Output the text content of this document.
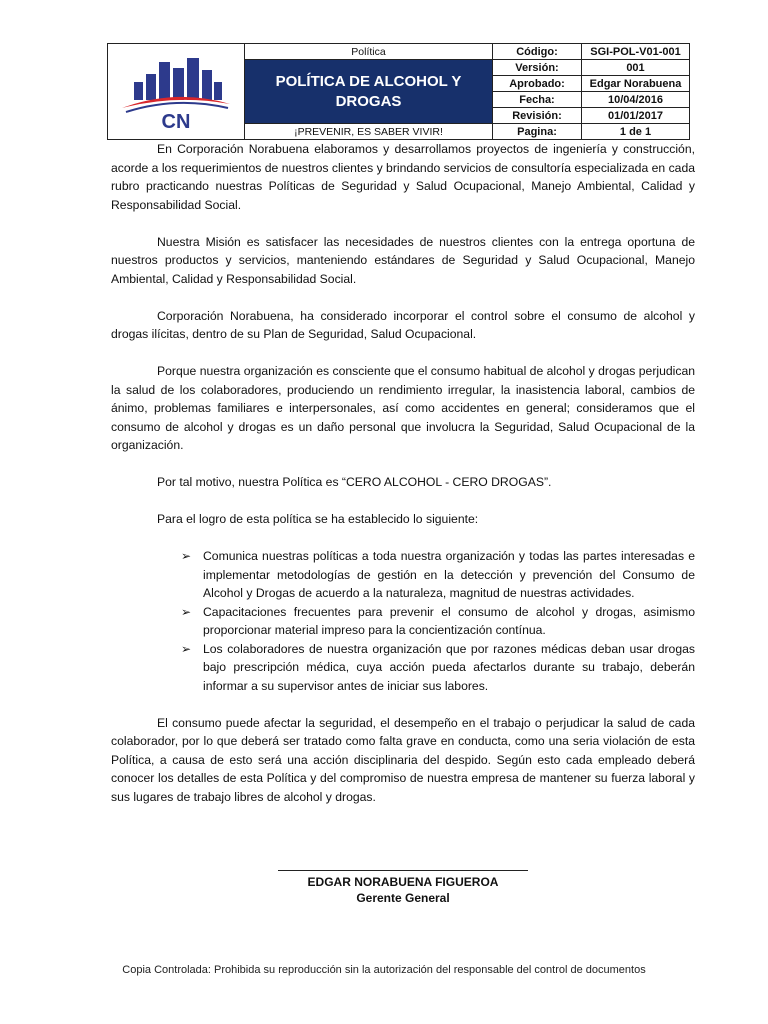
CN	Política	Código:	SGI-POL-V01-001
	POLÍTICA DE ALCOHOL Y DROGAS	Versión:	001
		Aprobado:	Edgar Norabuena
		Fecha:	10/04/2016
		Revisión:	01/01/2017
	¡PREVENIR, ES SABER VIVIR!	Pagina:	1 de 1

En Corporación Norabuena elaboramos y desarrollamos proyectos de ingeniería y construcción, acorde a los requerimientos de nuestros clientes y brindando servicios de consultoría especializada en cada rubro practicando nuestras Políticas de Seguridad y Salud Ocupacional, Manejo Ambiental, Calidad y Responsabilidad Social.

Nuestra Misión es satisfacer las necesidades de nuestros clientes con la entrega oportuna de nuestros productos y servicios, manteniendo estándares de Seguridad y Salud Ocupacional, Manejo Ambiental, Calidad y Responsabilidad Social.

Corporación Norabuena, ha considerado incorporar el control sobre el consumo de alcohol y drogas ilícitas, dentro de su Plan de Seguridad, Salud Ocupacional.

Porque nuestra organización es consciente que el consumo habitual de alcohol y drogas perjudican la salud de los colaboradores, produciendo un rendimiento irregular, la inasistencia laboral, cambios de ánimo, problemas familiares e interpersonales, así como accidentes en general; consideramos que el consumo de alcohol y drogas es un daño personal que involucra la Seguridad, Salud Ocupacional de la organización.

Por tal motivo, nuestra Política es “CERO ALCOHOL - CERO DROGAS”.

Para el logro de esta política se ha establecido lo siguiente:

➢ Comunica nuestras políticas a toda nuestra organización y todas las partes interesadas e implementar metodologías de gestión en la detección y prevención del Consumo de Alcohol y Drogas de acuerdo a la naturaleza, magnitud de nuestras actividades.
➢ Capacitaciones frecuentes para prevenir el consumo de alcohol y drogas, asimismo proporcionar material impreso para la concientización contínua.
➢ Los colaboradores de nuestra organización que por razones médicas deban usar drogas bajo prescripción médica, cuya acción pueda afectarlos durante su trabajo, deberán informar a su supervisor antes de iniciar sus labores.

El consumo puede afectar la seguridad, el desempeño en el trabajo o perjudicar la salud de cada colaborador, por lo que deberá ser tratado como falta grave en conducta, como una seria violación de esta Política, a causa de esto será una acción disciplinaria del despido. Según esto cada empleado deberá conocer los detalles de esta Política y del compromiso de nuestra empresa de mantener su fuerza laboral y sus lugares de trabajo libres de alcohol y drogas.

EDGAR NORABUENA FIGUEROA
Gerente General
Copia Controlada: Prohibida su reproducción sin la autorización del responsable del control de documentos
